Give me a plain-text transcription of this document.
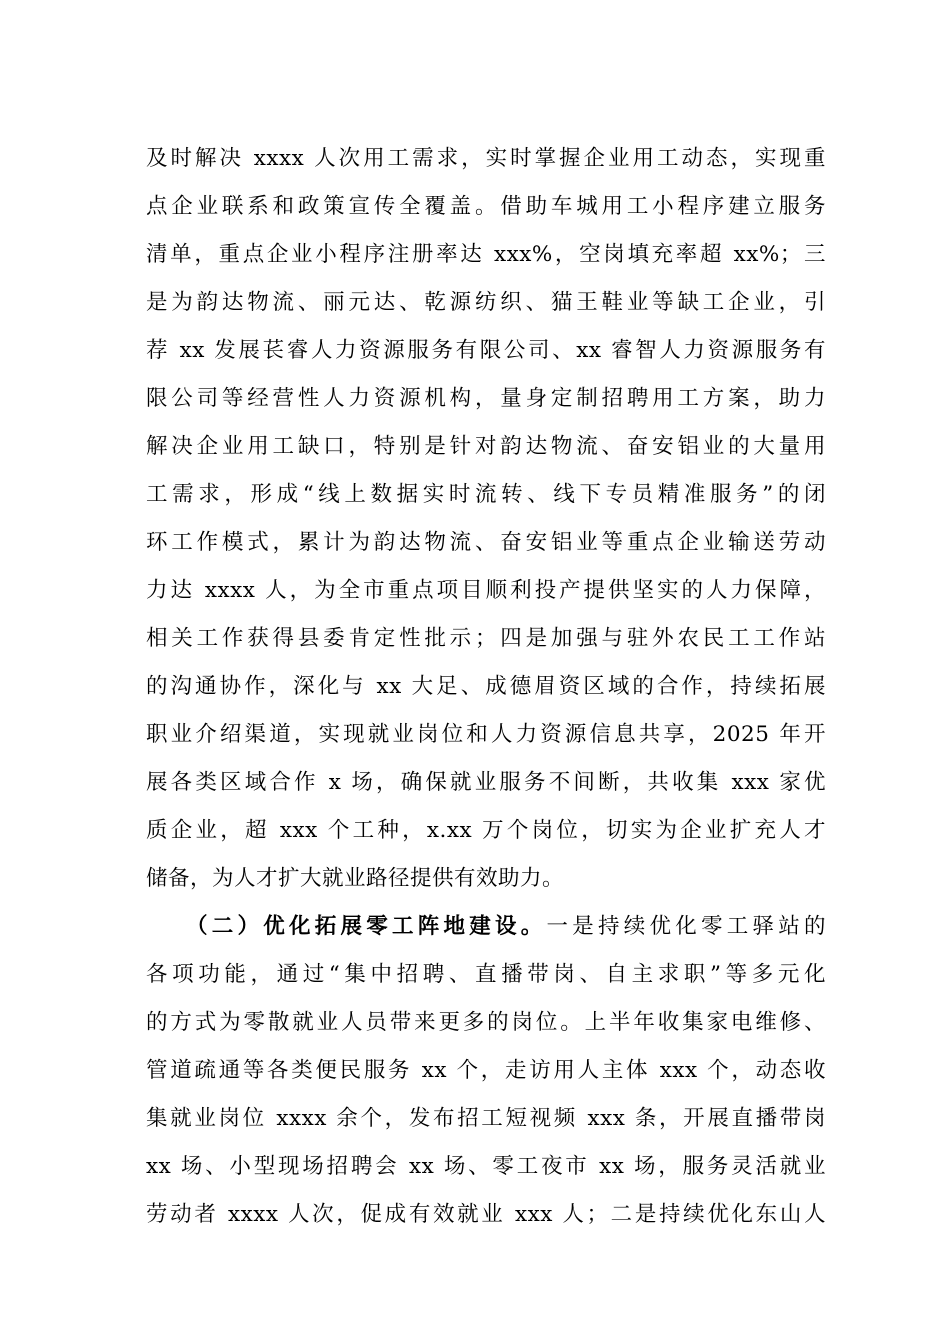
及时解决 xxxx 人次用工需求，实时掌握企业用工动态，实现重
点企业联系和政策宣传全覆盖。借助车城用工小程序建立服务
清单，重点企业小程序注册率达 xxx%，空岗填充率超 xx%；三
是为韵达物流、丽元达、乾源纺织、猫王鞋业等缺工企业，引
荐 xx 发展苌睿人力资源服务有限公司、xx 睿智人力资源服务有
限公司等经营性人力资源机构，量身定制招聘用工方案，助力
解决企业用工缺口，特别是针对韵达物流、奋安铝业的大量用
工需求，形成“线上数据实时流转、线下专员精准服务”的闭
环工作模式，累计为韵达物流、奋安铝业等重点企业输送劳动
力达 xxxx 人，为全市重点项目顺利投产提供坚实的人力保障，
相关工作获得县委肯定性批示；四是加强与驻外农民工工作站
的沟通协作，深化与 xx 大足、成德眉资区域的合作，持续拓展
职业介绍渠道，实现就业岗位和人力资源信息共享，2025 年开
展各类区域合作 x 场，确保就业服务不间断，共收集 xxx 家优
质企业，超 xxx 个工种，x.xx 万个岗位，切实为企业扩充人才
储备，为人才扩大就业路径提供有效助力。
（二）优化拓展零工阵地建设。一是持续优化零工驿站的
各项功能，通过“集中招聘、直播带岗、自主求职”等多元化
的方式为零散就业人员带来更多的岗位。上半年收集家电维修、
管道疏通等各类便民服务 xx 个，走访用人主体 xxx 个，动态收
集就业岗位 xxxx 余个，发布招工短视频 xxx 条，开展直播带岗
xx 场、小型现场招聘会 xx 场、零工夜市 xx 场，服务灵活就业
劳动者 xxxx 人次，促成有效就业 xxx 人；二是持续优化东山人
